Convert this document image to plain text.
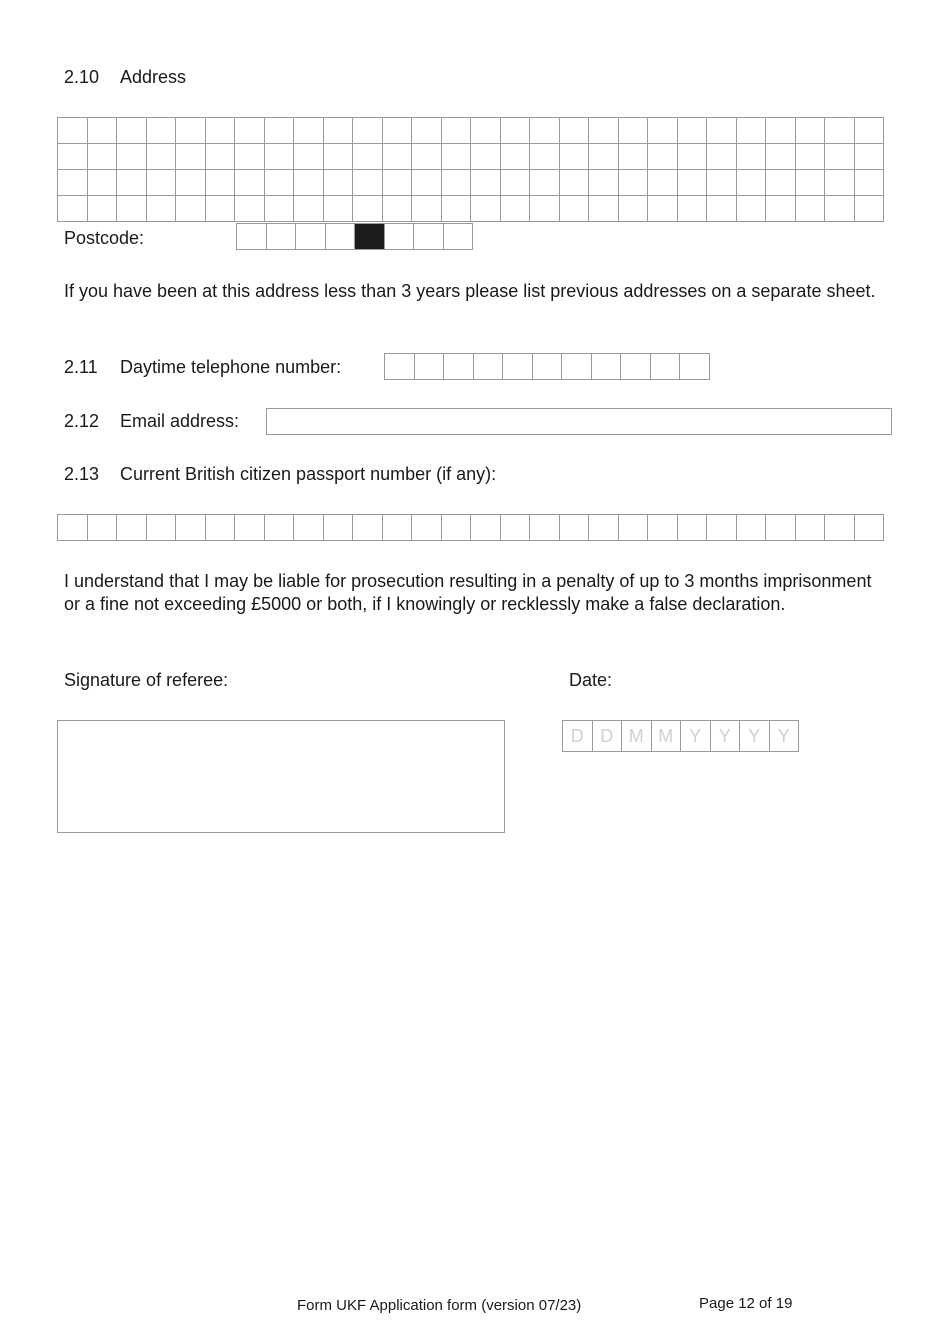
2.10 Address
Postcode:
If you have been at this address less than 3 years please list previous addresses on a separate sheet.
2.11 Daytime telephone number:
2.12 Email address:
2.13 Current British citizen passport number (if any):
I understand that I may be liable for prosecution resulting in a penalty of up to 3 months imprisonment or a fine not exceeding £5000 or both, if I knowingly or recklessly make a false declaration.
Signature of referee:	Date:
D D M M Y Y Y Y
Form UKF Application form (version 07/23)	Page 12 of 19
